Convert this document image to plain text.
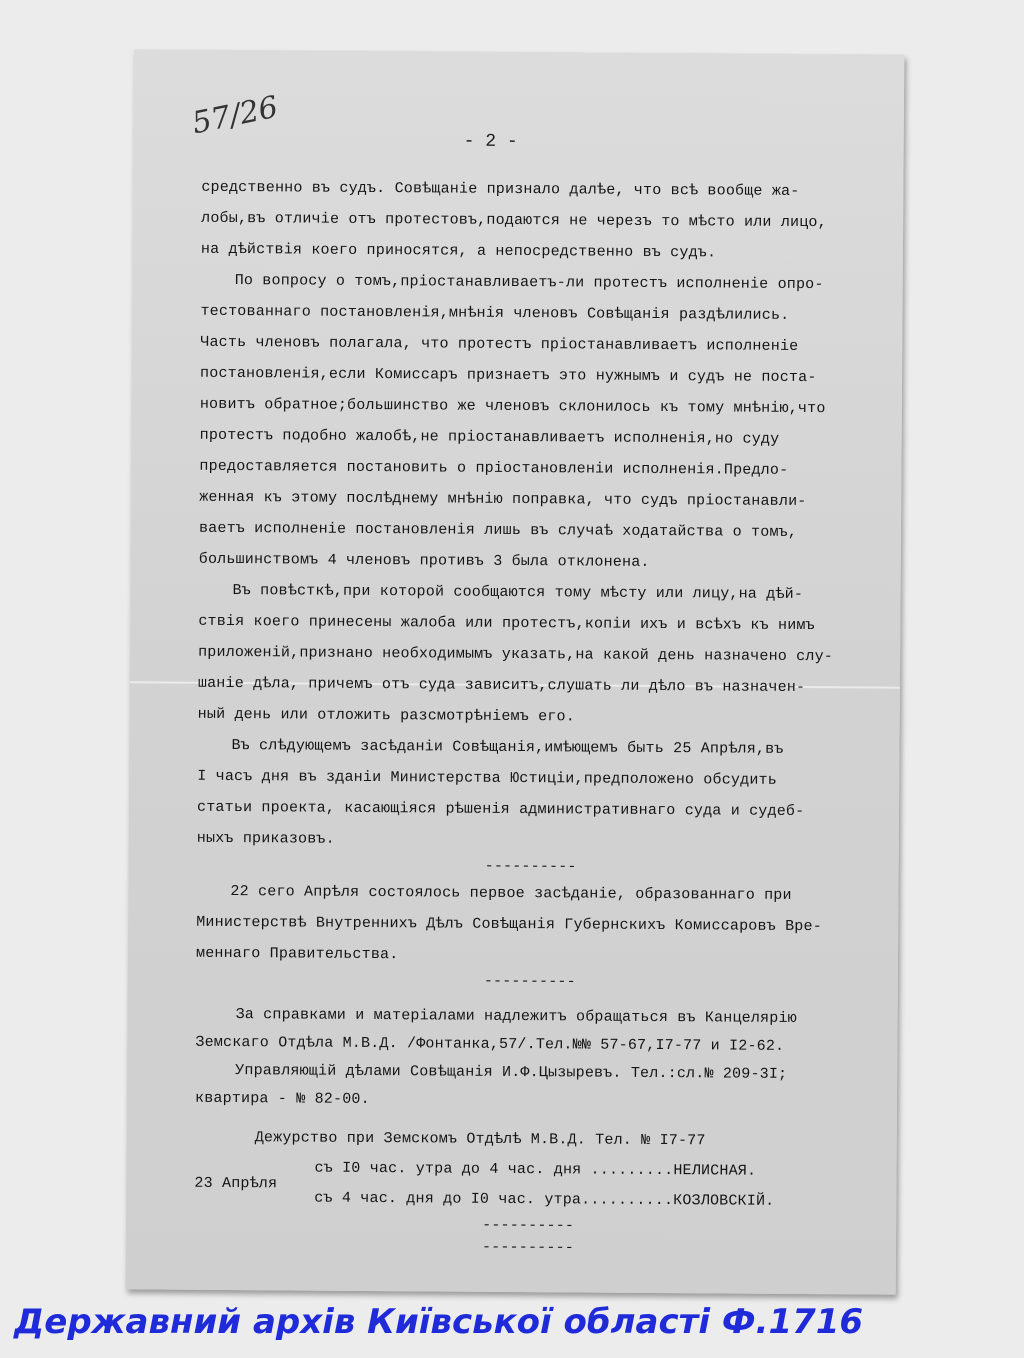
57/26
- 2 -
средственно въ судъ. Совѣщаніе признало далѣе, что всѣ вообще жа-
лобы,въ отличіе отъ протестовъ,подаются не черезъ то мѣсто или лицо,
на дѣйствія коего приносятся, а непосредственно въ судъ.
По вопросу о томъ,пріостанавливаетъ-ли протестъ исполненіе опро-
тестованнаго постановленія,мнѣнія членовъ Совѣщанія раздѣлились.
Часть членовъ полагала, что протестъ пріостанавливаетъ исполненіе
постановленія,если Комиссаръ признаетъ это нужнымъ и судъ не поста-
новитъ обратное;большинство же членовъ склонилось къ тому мнѣнію,что
протестъ подобно жалобѣ,не пріостанавливаетъ исполненія,но суду
предоставляется постановить о пріостановленіи исполненія.Предло-
женная къ этому послѣднему мнѣнію поправка, что судъ пріостанавли-
ваетъ исполненіе постановленія лишь въ случаѣ ходатайства о томъ,
большинствомъ 4 членовъ противъ 3 была отклонена.
Въ повѣсткѣ,при которой сообщаются тому мѣсту или лицу,на дѣй-
ствія коего принесены жалоба или протестъ,копіи ихъ и всѣхъ къ нимъ
приложеній,признано необходимымъ указать,на какой день назначено слу-
шаніе дѣла, причемъ отъ суда зависитъ,слушать ли дѣло въ назначен-
ный день или отложить разсмотрѣніемъ его.
Въ слѣдующемъ засѣданіи Совѣщанія,имѣющемъ быть 25 Апрѣля,въ
I часъ дня въ зданіи Министерства Юстиціи,предположено обсудить
статьи проекта, касающіяся рѣшенія административнаго суда и судеб-
ныхъ приказовъ.
----------
22 сего Апрѣля состоялось первое засѣданіе, образованнаго при
Министерствѣ Внутреннихъ Дѣлъ Совѣщанія Губернскихъ Комиссаровъ Вре-
меннаго Правительства.
----------
За справками и матеріалами надлежитъ обращаться въ Канцелярію
Земскаго Отдѣла М.В.Д. /Фонтанка,57/.Тел.№№ 57-67,I7-77 и I2-62.
Управляющій дѣлами Совѣщанія И.Ф.Цызыревъ. Тел.:сл.№ 209-3I;
квартира - № 82-00.
Дежурство при Земскомъ Отдѣлѣ М.В.Д. Тел. № I7-77
23 Апрѣля
съ I0 час. утра до 4 час. дня .........НЕЛИСНАЯ.
съ 4 час. дня до I0 час. утра..........КОЗЛОВСКІЙ.
----------
----------
Державний архів Київської області Ф.1716
